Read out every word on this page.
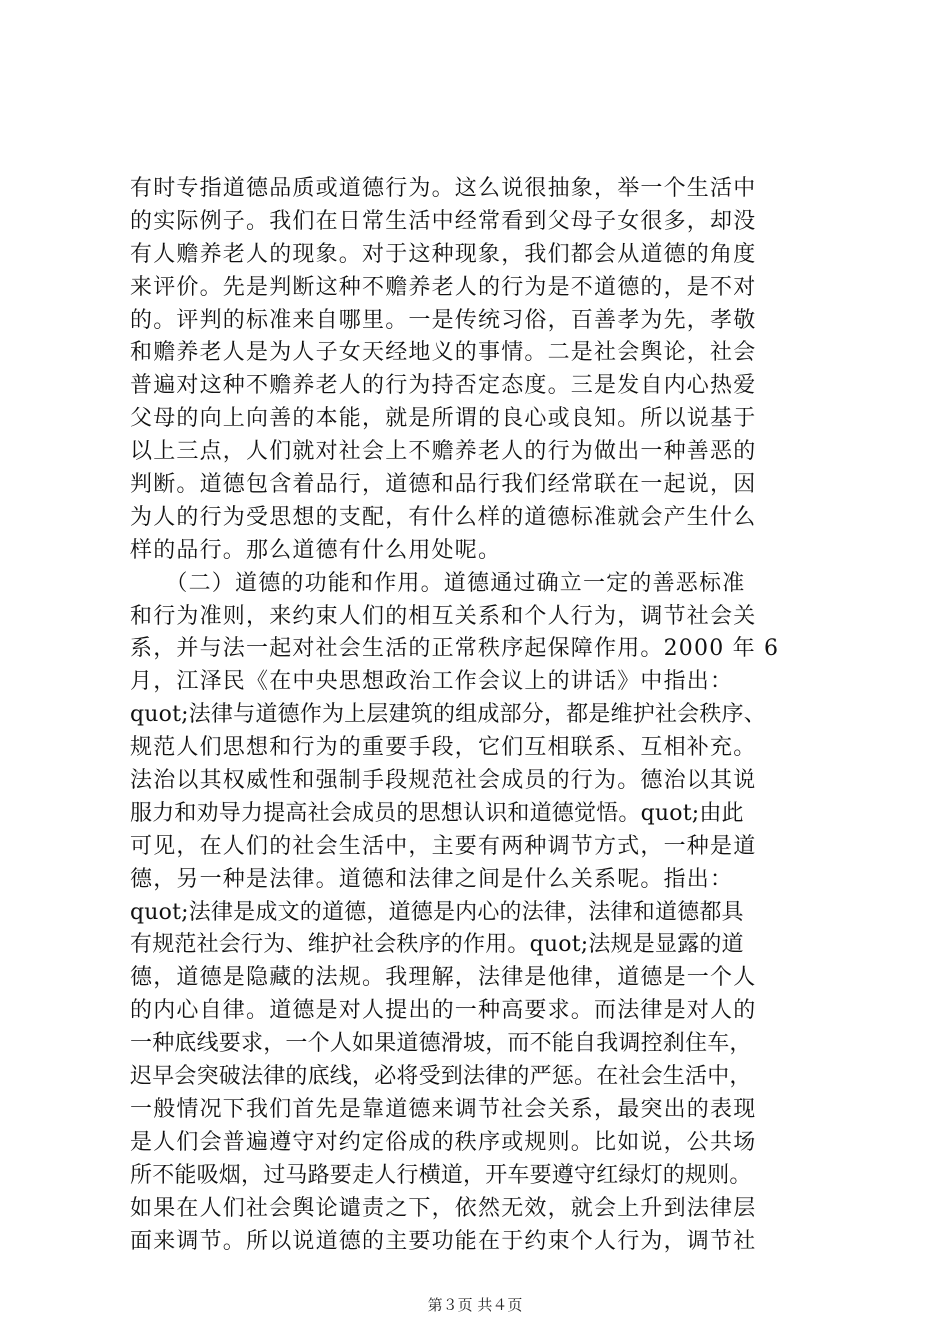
有时专指道德品质或道德行为。这么说很抽象，举一个生活中
的实际例子。我们在日常生活中经常看到父母子女很多，却没
有人赡养老人的现象。对于这种现象，我们都会从道德的角度
来评价。先是判断这种不赡养老人的行为是不道德的，是不对
的。评判的标准来自哪里。一是传统习俗，百善孝为先，孝敬
和赡养老人是为人子女天经地义的事情。二是社会舆论，社会
普遍对这种不赡养老人的行为持否定态度。三是发自内心热爱
父母的向上向善的本能，就是所谓的良心或良知。所以说基于
以上三点，人们就对社会上不赡养老人的行为做出一种善恶的
判断。道德包含着品行，道德和品行我们经常联在一起说，因
为人的行为受思想的支配，有什么样的道德标准就会产生什么
样的品行。那么道德有什么用处呢。
　　（二）道德的功能和作用。道德通过确立一定的善恶标准
和行为准则，来约束人们的相互关系和个人行为，调节社会关
系，并与法一起对社会生活的正常秩序起保障作用。2000 年 6
月，江泽民《在中央思想政治工作会议上的讲话》中指出：
quot;法律与道德作为上层建筑的组成部分，都是维护社会秩序、
规范人们思想和行为的重要手段，它们互相联系、互相补充。
法治以其权威性和强制手段规范社会成员的行为。德治以其说
服力和劝导力提高社会成员的思想认识和道德觉悟。quot;由此
可见，在人们的社会生活中，主要有两种调节方式，一种是道
德，另一种是法律。道德和法律之间是什么关系呢。指出：
quot;法律是成文的道德，道德是内心的法律，法律和道德都具
有规范社会行为、维护社会秩序的作用。quot;法规是显露的道
德，道德是隐藏的法规。我理解，法律是他律，道德是一个人
的内心自律。道德是对人提出的一种高要求。而法律是对人的
一种底线要求，一个人如果道德滑坡，而不能自我调控刹住车，
迟早会突破法律的底线，必将受到法律的严惩。在社会生活中，
一般情况下我们首先是靠道德来调节社会关系，最突出的表现
是人们会普遍遵守对约定俗成的秩序或规则。比如说，公共场
所不能吸烟，过马路要走人行横道，开车要遵守红绿灯的规则。
如果在人们社会舆论谴责之下，依然无效，就会上升到法律层
面来调节。所以说道德的主要功能在于约束个人行为，调节社
第３页 共４页
